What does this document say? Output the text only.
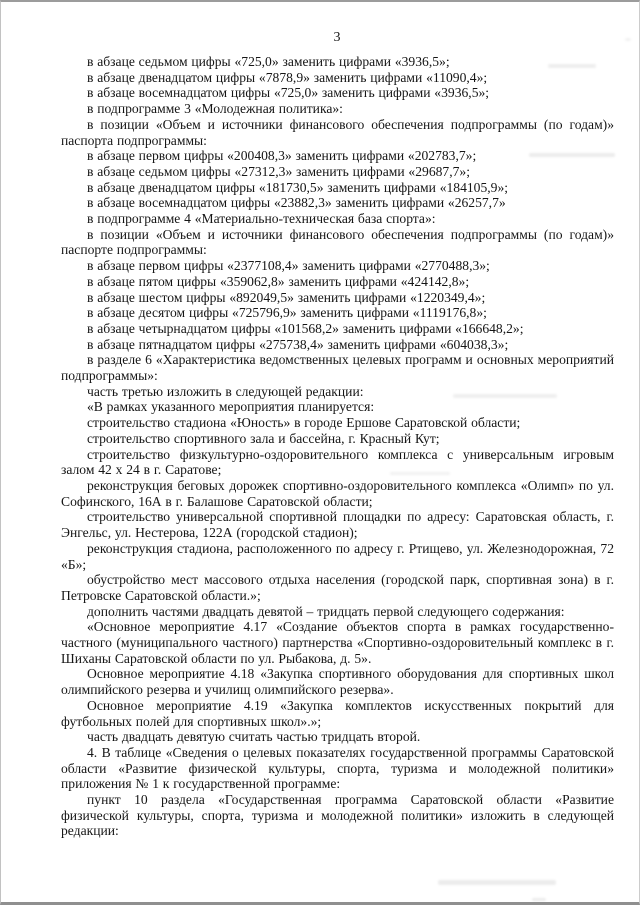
3

в абзаце седьмом цифры «725,0» заменить цифрами «3936,5»;

в абзаце двенадцатом цифры «7878,9» заменить цифрами «11090,4»;

в абзаце восемнадцатом цифры «725,0» заменить цифрами «3936,5»;

в подпрограмме 3 «Молодежная политика»:

в позиции «Объем и источники финансового обеспечения подпрограммы (по годам)» паспорта подпрограммы:

в абзаце первом цифры «200408,3» заменить цифрами «202783,7»;

в абзаце седьмом цифры «27312,3» заменить цифрами «29687,7»;

в абзаце двенадцатом цифры «181730,5» заменить цифрами «184105,9»;

в абзаце восемнадцатом цифры «23882,3» заменить цифрами «26257,7»

в подпрограмме 4 «Материально-техническая база спорта»:

в позиции «Объем и источники финансового обеспечения подпрограммы (по годам)» паспорте подпрограммы:

в абзаце первом цифры «2377108,4» заменить цифрами «2770488,3»;

в абзаце пятом цифры «359062,8» заменить цифрами «424142,8»;

в абзаце шестом цифры «892049,5» заменить цифрами «1220349,4»;

в абзаце десятом цифры «725796,9» заменить цифрами «1119176,8»;

в абзаце четырнадцатом цифры «101568,2» заменить цифрами «166648,2»;

в абзаце пятнадцатом цифры «275738,4» заменить цифрами «604038,3»;

в разделе 6 «Характеристика ведомственных целевых программ и основных мероприятий подпрограммы»:

часть третью изложить в следующей редакции:

«В рамках указанного мероприятия планируется:

строительство стадиона «Юность» в городе Ершове Саратовской области;

строительство спортивного зала и бассейна, г. Красный Кут;

строительство физкультурно-оздоровительного комплекса с универсальным игровым залом 42 х 24 в г. Саратове;

реконструкция беговых дорожек спортивно-оздоровительного комплекса «Олимп» по ул. Софинского, 16А в г. Балашове Саратовской области;

строительство универсальной спортивной площадки по адресу: Саратовская область, г. Энгельс, ул. Нестерова, 122А (городской стадион);

реконструкция стадиона, расположенного по адресу г. Ртищево, ул. Железнодорожная, 72 «Б»;

обустройство мест массового отдыха населения (городской парк, спортивная зона) в г. Петровске Саратовской области.»;

дополнить частями двадцать девятой – тридцать первой следующего содержания:

«Основное мероприятие 4.17 «Создание объектов спорта в рамках государственно-частного (муниципального частного) партнерства «Спортивно-оздоровительный комплекс в г. Шиханы Саратовской области по ул. Рыбакова, д. 5».

Основное мероприятие 4.18 «Закупка спортивного оборудования для спортивных школ олимпийского резерва и училищ олимпийского резерва».

Основное мероприятие 4.19 «Закупка комплектов искусственных покрытий для футбольных полей для спортивных школ».»;

часть двадцать девятую считать частью тридцать второй.

4. В таблице «Сведения о целевых показателях государственной программы Саратовской области «Развитие физической культуры, спорта, туризма и молодежной политики» приложения № 1 к государственной программе:

пункт 10 раздела «Государственная программа Саратовской области «Развитие физической культуры, спорта, туризма и молодежной политики» изложить в следующей редакции:
